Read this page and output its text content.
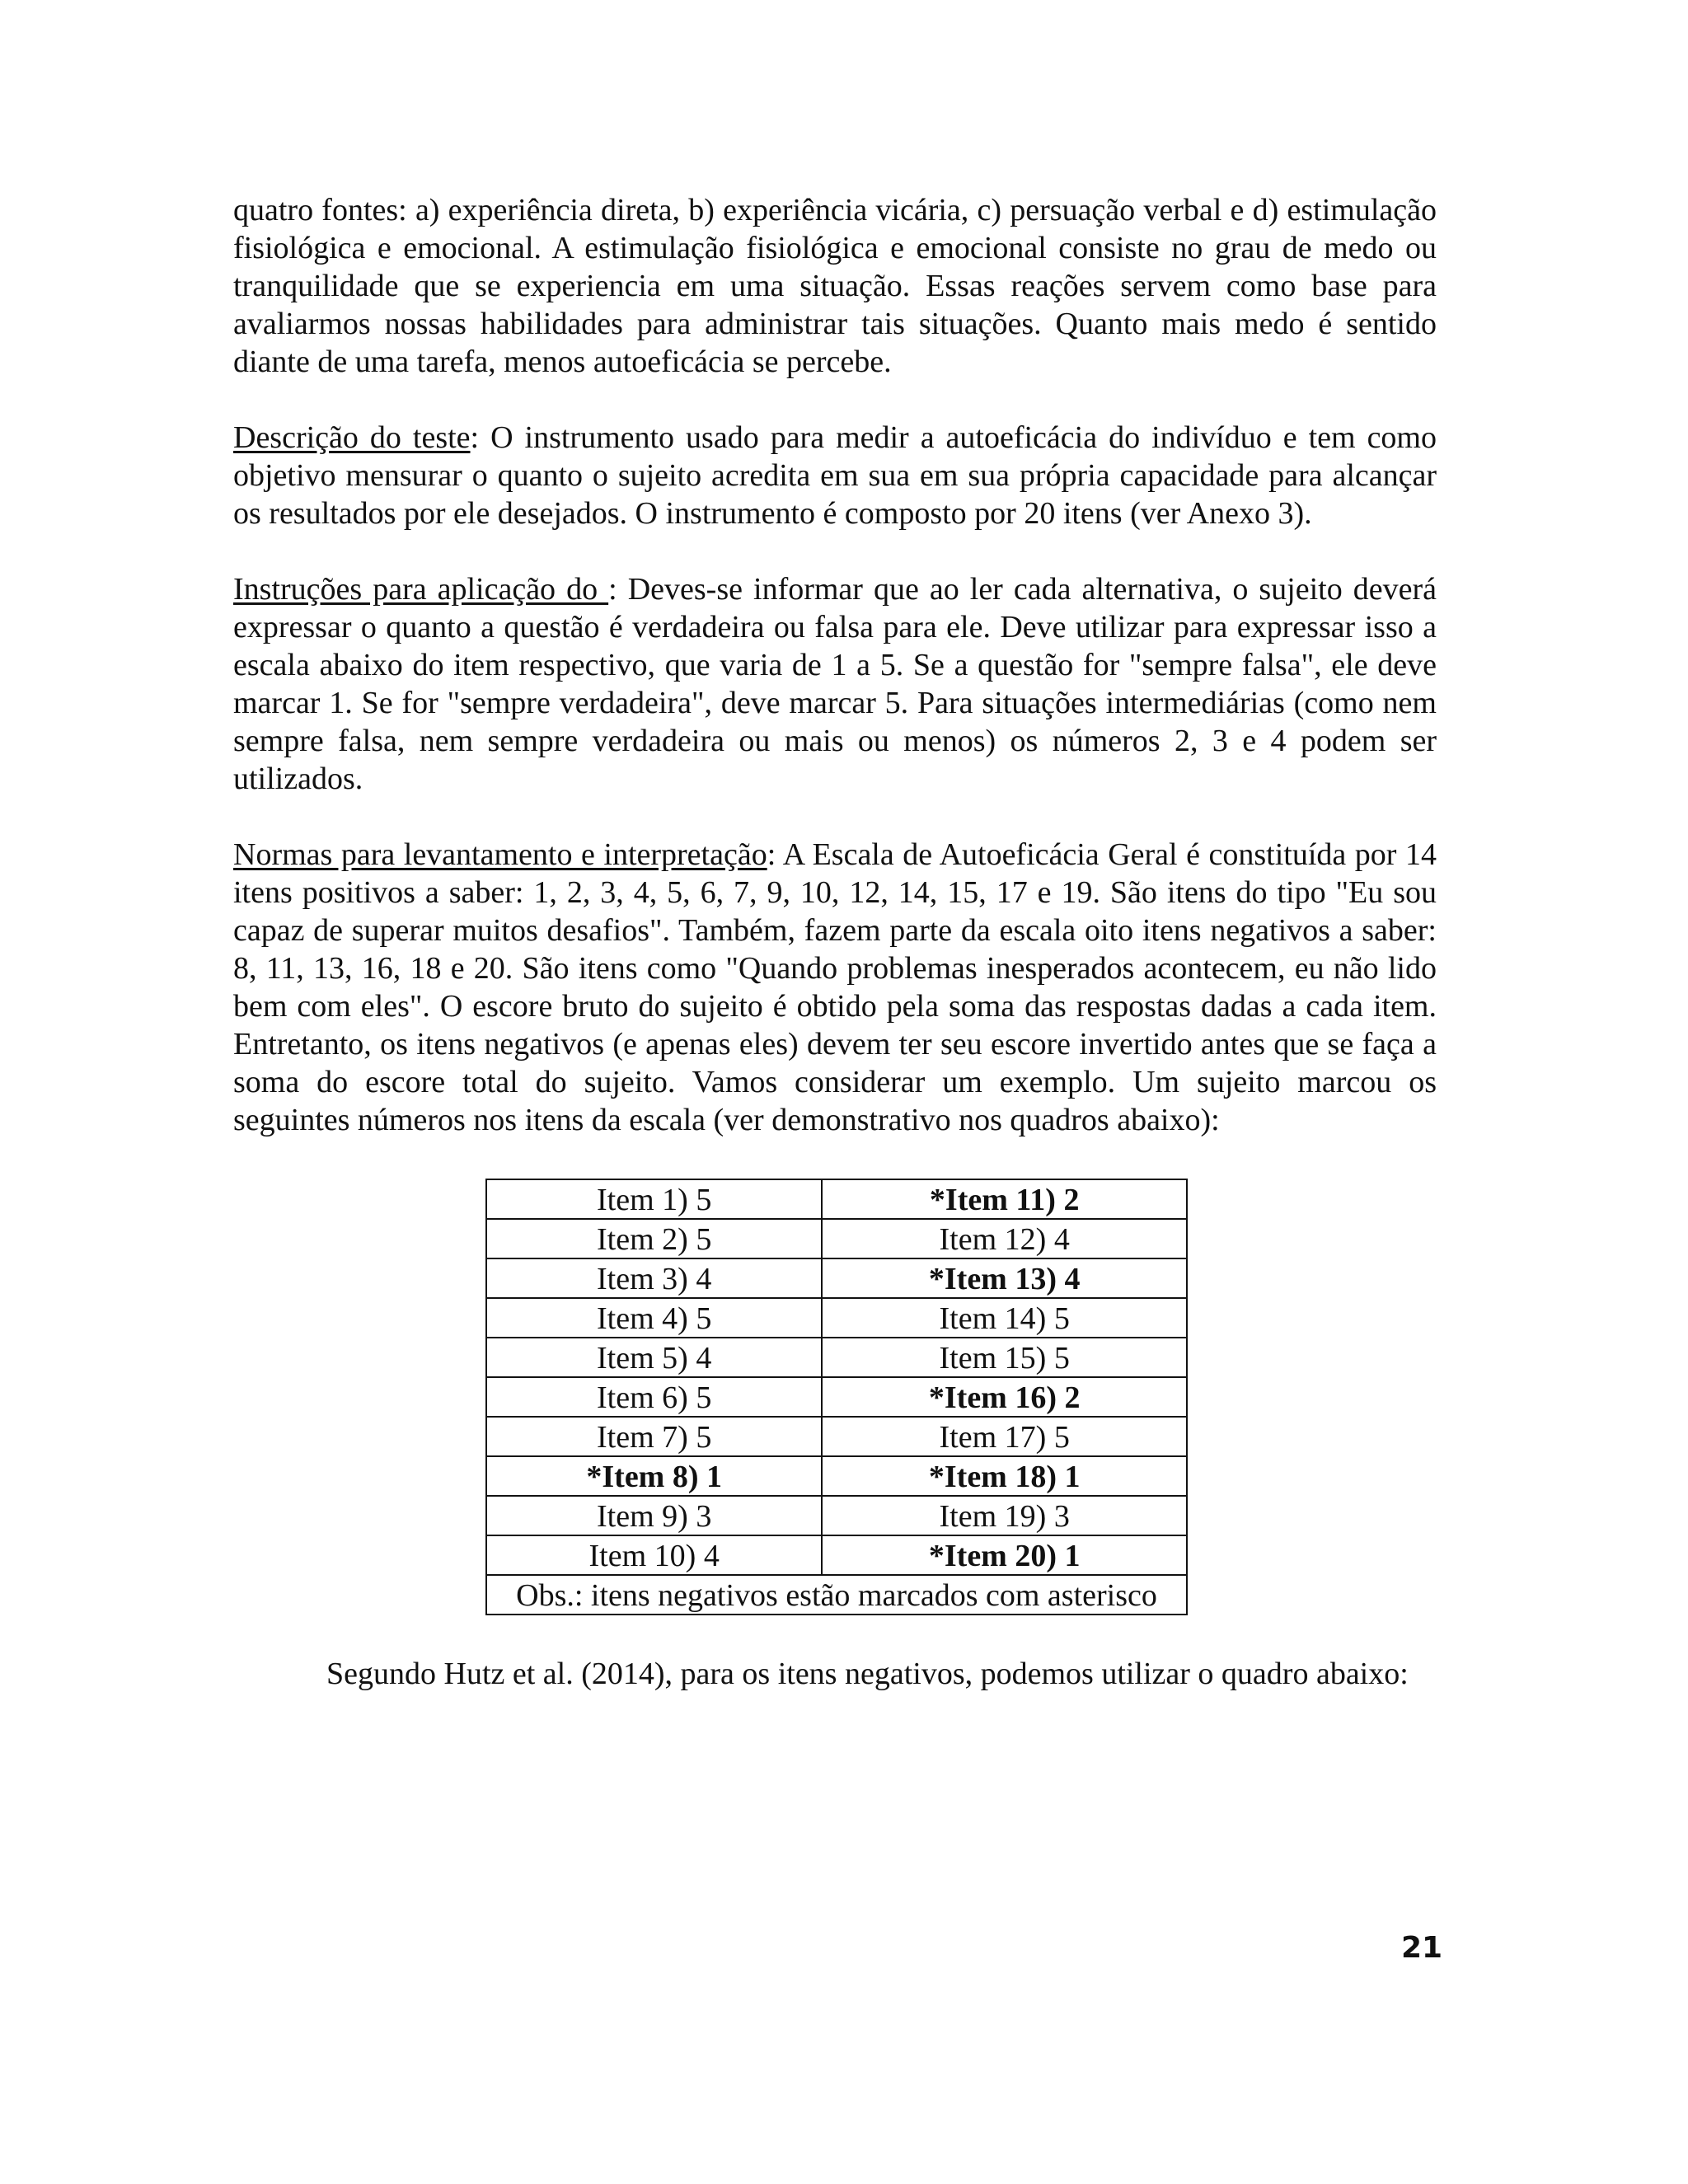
quatro fontes: a) experiência direta, b) experiência vicária, c) persuação verbal e d) estimulação fisiológica e emocional. A estimulação fisiológica e emocional consiste no grau de medo ou tranquilidade que se experiencia em uma situação. Essas reações servem como base para avaliarmos nossas habilidades para administrar tais situações. Quanto mais medo é sentido diante de uma tarefa, menos autoeficácia se percebe.

Descrição do teste: O instrumento usado para medir a autoeficácia do indivíduo e tem como objetivo mensurar o quanto o sujeito acredita em sua em sua própria capacidade para alcançar os resultados por ele desejados. O instrumento é composto por 20 itens (ver Anexo 3).

Instruções para aplicação do : Deves-se informar que ao ler cada alternativa, o sujeito deverá expressar o quanto a questão é verdadeira ou falsa para ele. Deve utilizar para expressar isso a escala abaixo do item respectivo, que varia de 1 a 5. Se a questão for "sempre falsa", ele deve marcar 1. Se for "sempre verdadeira", deve marcar 5. Para situações intermediárias (como nem sempre falsa, nem sempre verdadeira ou mais ou menos) os números 2, 3 e 4 podem ser utilizados.

Normas para levantamento e interpretação: A Escala de Autoeficácia Geral é constituída por 14 itens positivos a saber: 1, 2, 3, 4, 5, 6, 7, 9, 10, 12, 14, 15, 17 e 19. São itens do tipo "Eu sou capaz de superar muitos desafios". Também, fazem parte da escala oito itens negativos a saber: 8, 11, 13, 16, 18 e 20. São itens como "Quando problemas inesperados acontecem, eu não lido bem com eles". O escore bruto do sujeito é obtido pela soma das respostas dadas a cada item. Entretanto, os itens negativos (e apenas eles) devem ter seu escore invertido antes que se faça a soma do escore total do sujeito. Vamos considerar um exemplo. Um sujeito marcou os seguintes números nos itens da escala (ver demonstrativo nos quadros abaixo):

Item 1) 5	*Item 11) 2
Item 2) 5	Item 12) 4
Item 3) 4	*Item 13) 4
Item 4) 5	Item 14) 5
Item 5) 4	Item 15) 5
Item 6) 5	*Item 16) 2
Item 7) 5	Item 17) 5
*Item 8) 1	*Item 18) 1
Item 9) 3	Item 19) 3
Item 10) 4	*Item 20) 1
Obs.: itens negativos estão marcados com asterisco	

Segundo Hutz et al. (2014), para os itens negativos, podemos utilizar o quadro abaixo:

21
